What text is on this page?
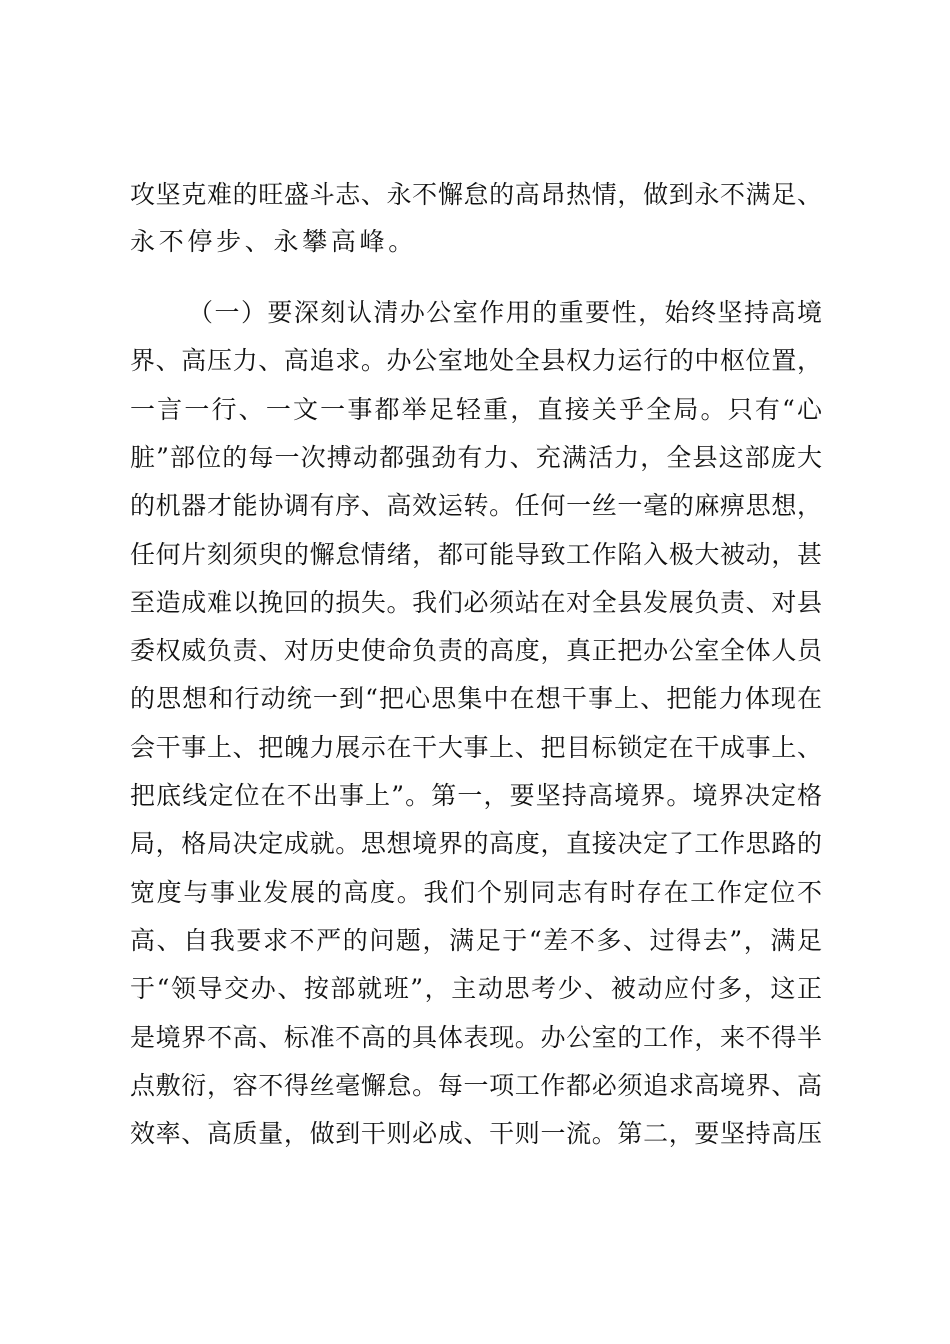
攻坚克难的旺盛斗志、永不懈怠的高昂热情，做到永不满足、
永不停步、永攀高峰。
（一）要深刻认清办公室作用的重要性，始终坚持高境
界、高压力、高追求。办公室地处全县权力运行的中枢位置，
一言一行、一文一事都举足轻重，直接关乎全局。只有“心
脏”部位的每一次搏动都强劲有力、充满活力，全县这部庞大
的机器才能协调有序、高效运转。任何一丝一毫的麻痹思想，
任何片刻须臾的懈怠情绪，都可能导致工作陷入极大被动，甚
至造成难以挽回的损失。我们必须站在对全县发展负责、对县
委权威负责、对历史使命负责的高度，真正把办公室全体人员
的思想和行动统一到“把心思集中在想干事上、把能力体现在
会干事上、把魄力展示在干大事上、把目标锁定在干成事上、
把底线定位在不出事上”。第一，要坚持高境界。境界决定格
局，格局决定成就。思想境界的高度，直接决定了工作思路的
宽度与事业发展的高度。我们个别同志有时存在工作定位不
高、自我要求不严的问题，满足于“差不多、过得去”，满足
于“领导交办、按部就班”，主动思考少、被动应付多，这正
是境界不高、标准不高的具体表现。办公室的工作，来不得半
点敷衍，容不得丝毫懈怠。每一项工作都必须追求高境界、高
效率、高质量，做到干则必成、干则一流。第二，要坚持高压
